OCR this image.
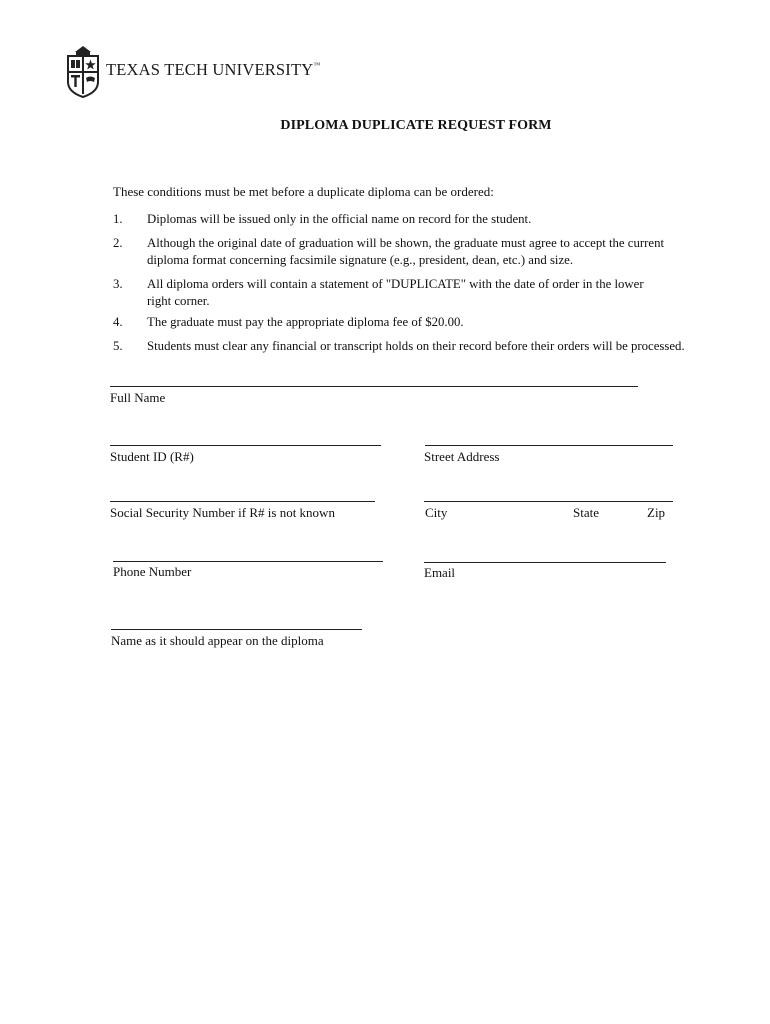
TEXAS TECH UNIVERSITY™
DIPLOMA DUPLICATE REQUEST FORM
These conditions must be met before a duplicate diploma can be ordered:
1. Diplomas will be issued only in the official name on record for the student.
2. Although the original date of graduation will be shown, the graduate must agree to accept the current diploma format concerning facsimile signature (e.g., president, dean, etc.) and size.
3. All diploma orders will contain a statement of "DUPLICATE" with the date of order in the lower right corner.
4. The graduate must pay the appropriate diploma fee of $20.00.
5. Students must clear any financial or transcript holds on their record before their orders will be processed.
Full Name
Student ID (R#)	Street Address
Social Security Number if R# is not known	City	State	Zip
Phone Number	Email
Name as it should appear on the diploma
